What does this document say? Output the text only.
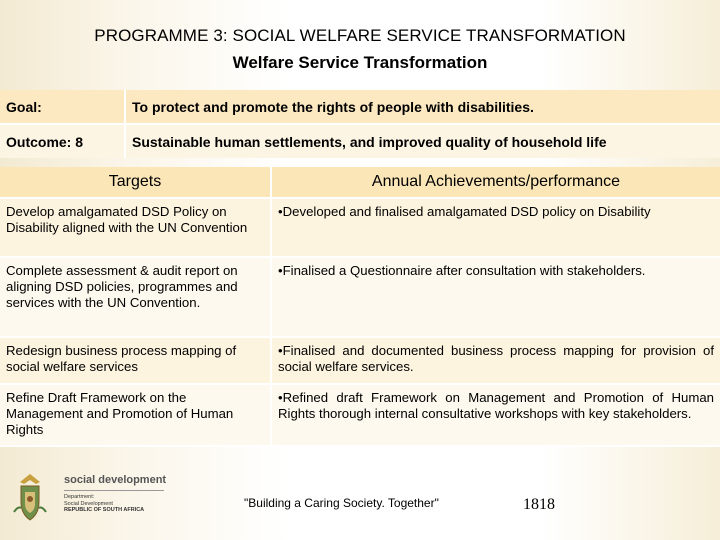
PROGRAMME 3: SOCIAL WELFARE SERVICE TRANSFORMATION
Welfare Service Transformation
Goal:	To protect and promote the rights of people with disabilities.
Outcome: 8	Sustainable human settlements, and improved quality of household life
Targets	Annual Achievements/performance
Develop amalgamated DSD Policy on Disability aligned with the UN Convention	•Developed and finalised amalgamated DSD policy on Disability
Complete assessment & audit report on aligning DSD policies, programmes and services with the UN Convention.	•Finalised a Questionnaire after consultation with stakeholders.
Redesign business process mapping of social welfare services	•Finalised and documented business process mapping for provision of social welfare services.
Refine Draft Framework on the Management and Promotion of Human Rights	•Refined draft Framework on Management and Promotion of Human Rights thorough internal consultative workshops with key stakeholders.
social development
Department:
Social Development
REPUBLIC OF SOUTH AFRICA	"Building a Caring Society. Together"	1818
